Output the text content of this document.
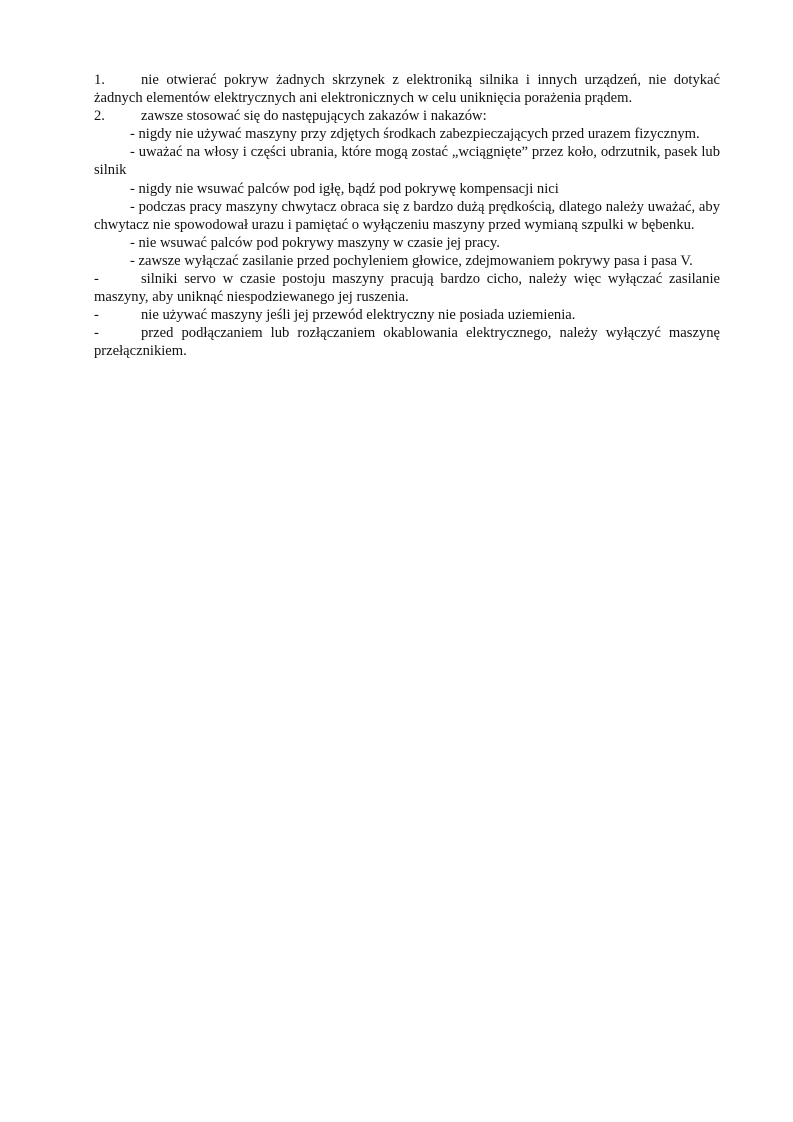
1. nie otwierać pokryw żadnych skrzynek z elektroniką silnika i innych urządzeń, nie dotykać żadnych elementów elektrycznych ani elektronicznych w celu uniknięcia porażenia prądem.

2. zawsze stosować się do następujących zakazów i nakazów:

- nigdy nie używać maszyny przy zdjętych środkach zabezpieczających przed urazem fizycznym.

- uważać na włosy i części ubrania, które mogą zostać „wciągnięte” przez koło, odrzutnik, pasek lub silnik

- nigdy nie wsuwać palców pod igłę, bądź pod pokrywę kompensacji nici

- podczas pracy maszyny chwytacz obraca się z bardzo dużą prędkością, dlatego należy uważać, aby chwytacz nie spowodował urazu i pamiętać o wyłączeniu maszyny przed wymianą szpulki w bębenku.

- nie wsuwać palców pod pokrywy maszyny w czasie jej pracy.

- zawsze wyłączać zasilanie przed pochyleniem głowice, zdejmowaniem pokrywy pasa i pasa V.

-	silniki servo w czasie postoju maszyny pracują bardzo cicho, należy więc wyłączać zasilanie maszyny, aby uniknąć niespodziewanego jej ruszenia.

-	nie używać maszyny jeśli jej przewód elektryczny nie posiada uziemienia.

-	przed podłączaniem lub rozłączaniem okablowania elektrycznego, należy wyłączyć maszynę przełącznikiem.
